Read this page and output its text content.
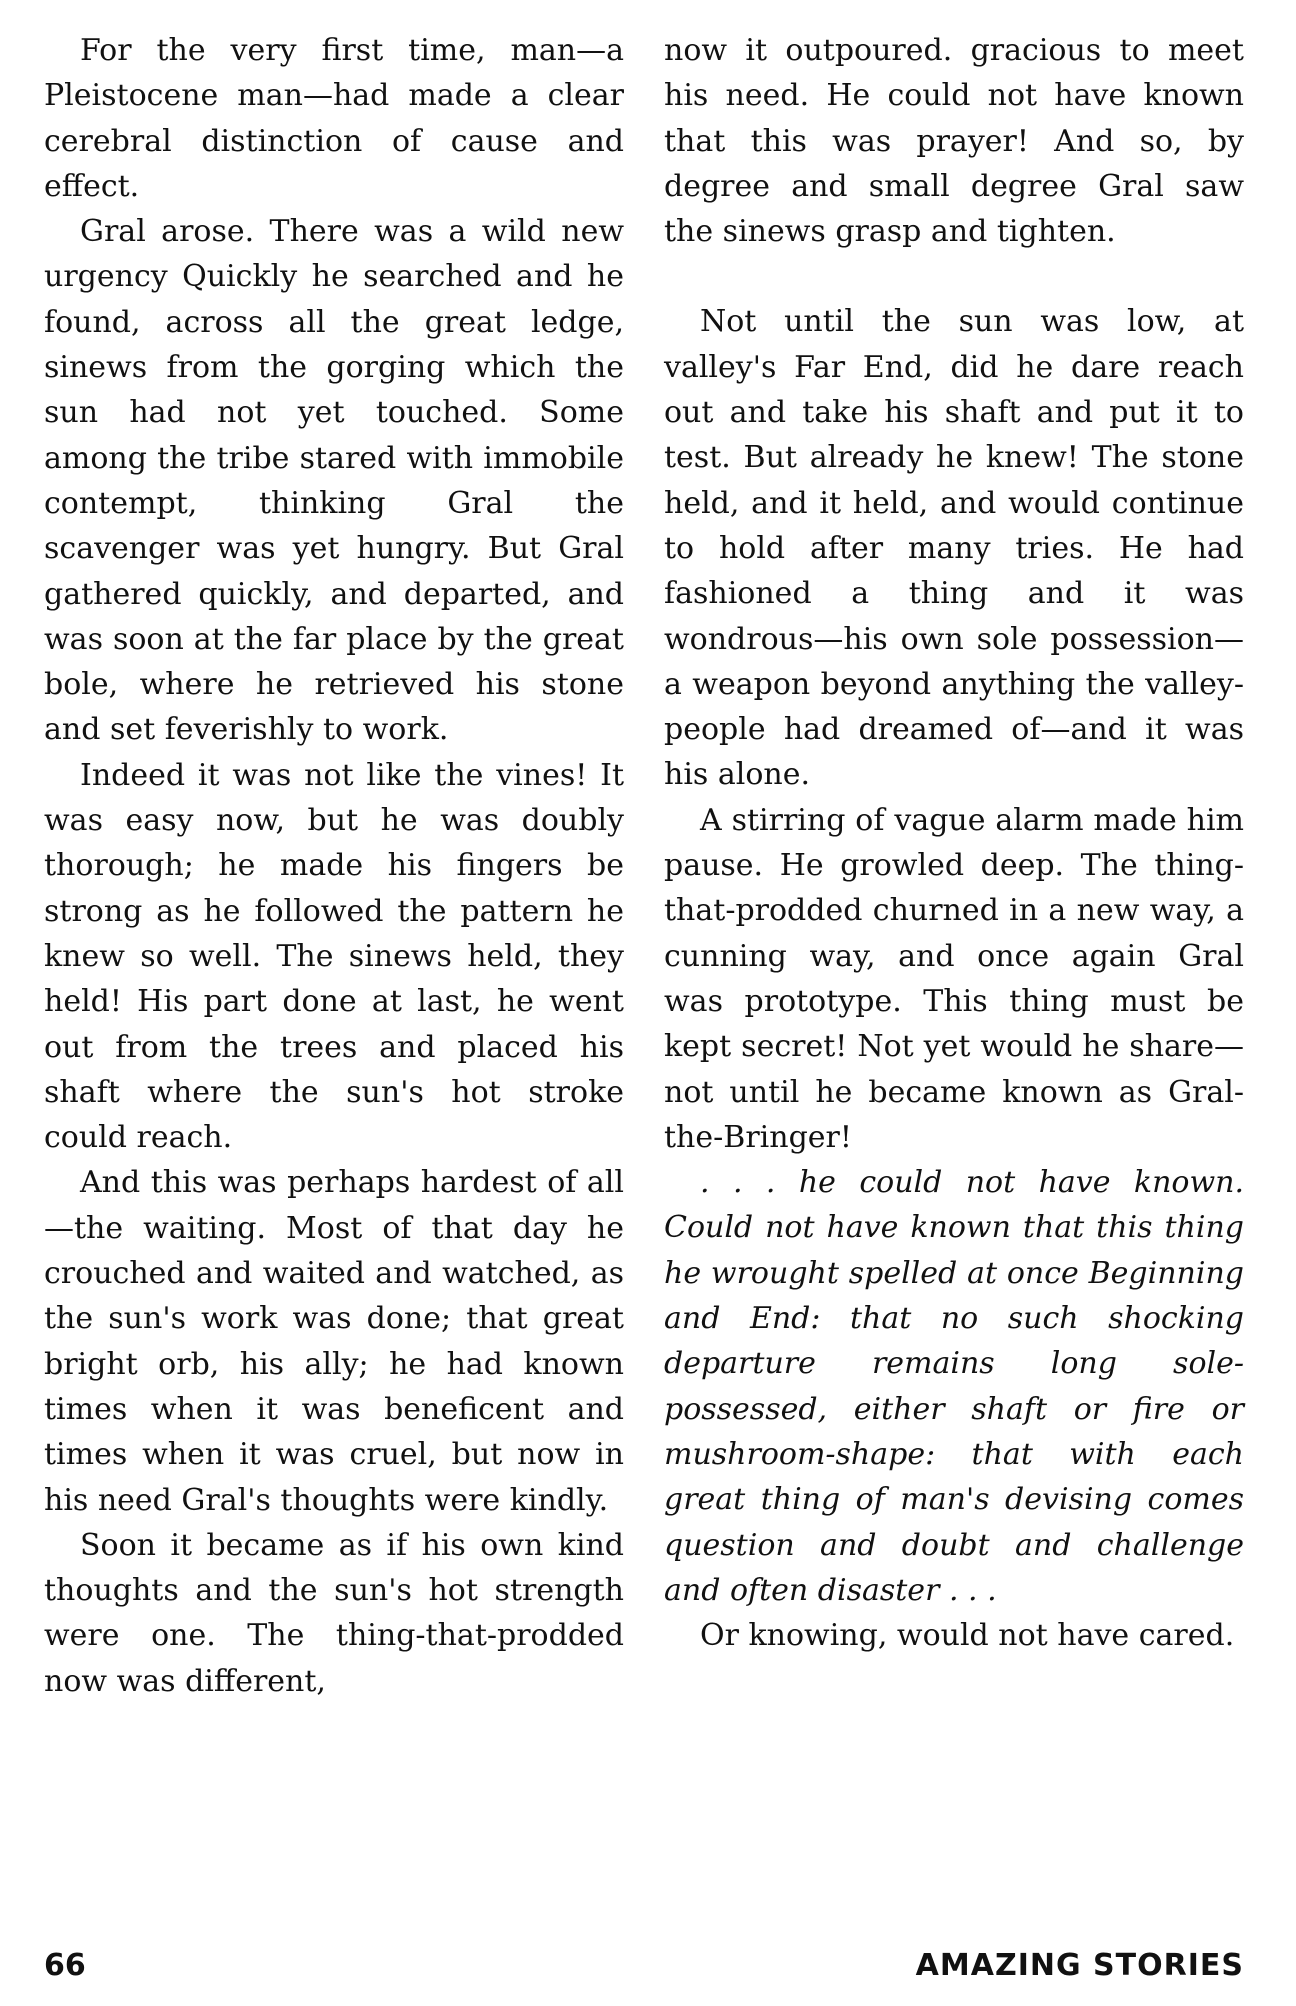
For the very first time, man—a Pleistocene man—had made a clear cerebral distinction of cause and effect.

Gral arose. There was a wild new urgency Quickly he searched and he found, across all the great ledge, sinews from the gorging which the sun had not yet touched. Some among the tribe stared with immobile contempt, thinking Gral the scavenger was yet hungry. But Gral gathered quickly, and departed, and was soon at the far place by the great bole, where he retrieved his stone and set feverishly to work.

Indeed it was not like the vines! It was easy now, but he was doubly thorough; he made his fingers be strong as he followed the pattern he knew so well. The sinews held, they held! His part done at last, he went out from the trees and placed his shaft where the sun's hot stroke could reach.

And this was perhaps hardest of all—the waiting. Most of that day he crouched and waited and watched, as the sun's work was done; that great bright orb, his ally; he had known times when it was beneficent and times when it was cruel, but now in his need Gral's thoughts were kindly.

Soon it became as if his own kind thoughts and the sun's hot strength were one. The thing-that-prodded now was different,

now it outpoured. gracious to meet his need. He could not have known that this was prayer! And so, by degree and small degree Gral saw the sinews grasp and tighten.

Not until the sun was low, at valley's Far End, did he dare reach out and take his shaft and put it to test. But already he knew! The stone held, and it held, and would continue to hold after many tries. He had fashioned a thing and it was wondrous—his own sole possession—a weapon beyond anything the valley-people had dreamed of—and it was his alone.

A stirring of vague alarm made him pause. He growled deep. The thing-that-prodded churned in a new way, a cunning way, and once again Gral was prototype. This thing must be kept secret! Not yet would he share—not until he became known as Gral-the-Bringer!

. . . he could not have known. Could not have known that this thing he wrought spelled at once Beginning and End: that no such shocking departure remains long sole-possessed, either shaft or fire or mushroom-shape: that with each great thing of man's devising comes question and doubt and challenge and often disaster . . .

Or knowing, would not have cared.

66	AMAZING STORIES
